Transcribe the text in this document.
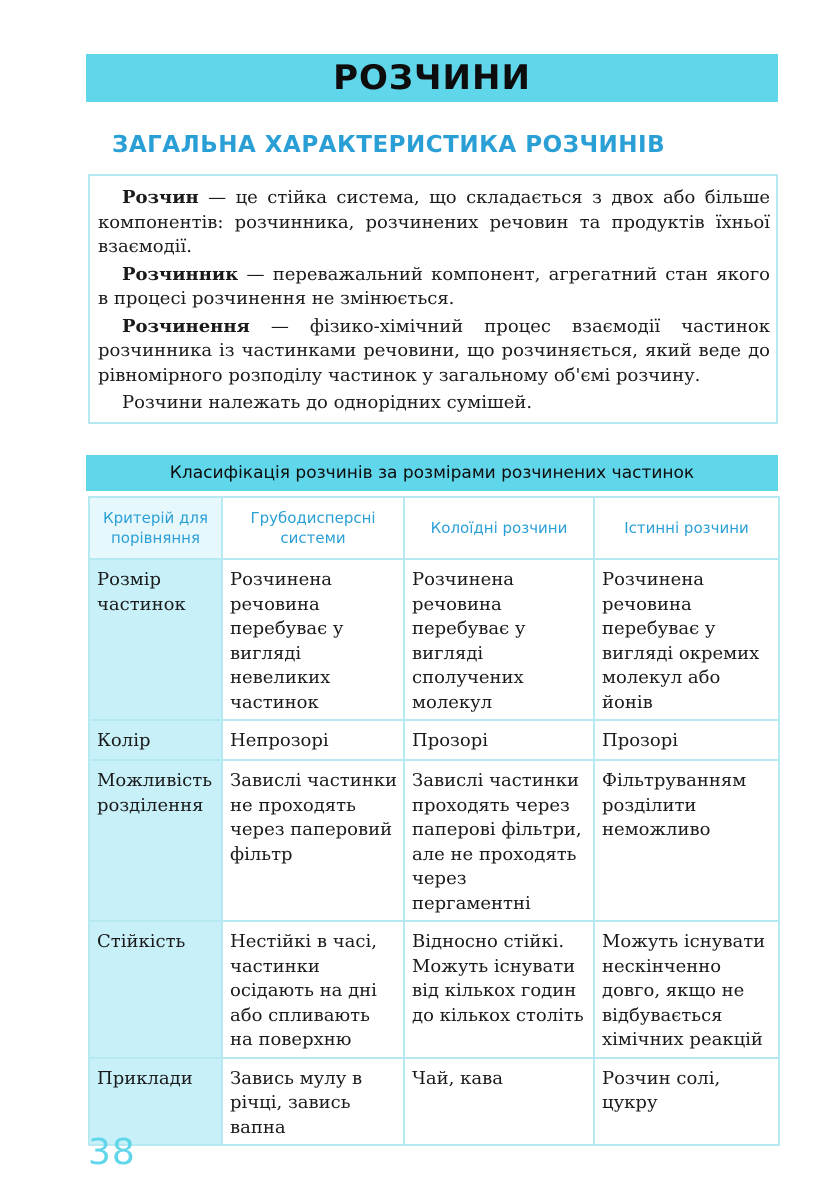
РОЗЧИНИ
ЗАГАЛЬНА ХАРАКТЕРИСТИКА РОЗЧИНІВ

Розчин — це стійка система, що складається з двох або більше компонентів: розчинника, розчинених речовин та продуктів їхньої взаємодії.

Розчинник — переважальний компонент, агрегатний стан якого в процесі розчинення не змінюється.

Розчинення — фізико-хімічний процес взаємодії частинок розчинника із частинками речовини, що розчиняється, який веде до рівномірного розподілу частинок у загальному об'ємі розчину.

Розчини належать до однорідних сумішей.

Класифікація розчинів за розмірами розчинених частинок
Критерій для порівняння	Грубодисперсні системи	Колоїдні розчини	Істинні розчини
Розмір частинок	Розчинена речовина перебуває у вигляді невеликих частинок	Розчинена речовина перебуває у вигляді сполучених молекул	Розчинена речовина перебуває у вигляді окремих молекул або йонів
Колір	Непрозорі	Прозорі	Прозорі
Можливість розділення	Завислі частинки не проходять через паперовий фільтр	Завислі частинки проходять через паперові фільтри, але не проходять через пергаментні	Фільтруванням розділити неможливо
Стійкість	Нестійкі в часі, частинки осідають на дні або спливають на поверхню	Відносно стійкі. Можуть існувати від кількох годин до кількох століть	Можуть існувати нескінченно довго, якщо не відбувається хімічних реакцій
Приклади	Завись мулу в річці, завись вапна	Чай, кава	Розчин солі, цукру
38
